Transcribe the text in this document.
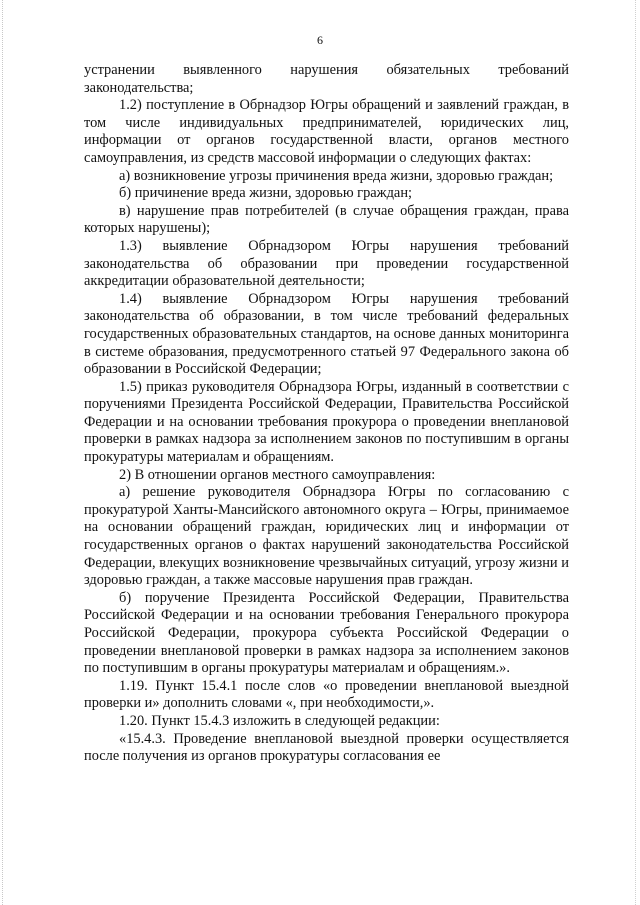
6

устранении выявленного нарушения обязательных требований законодательства;

1.2) поступление в Обрнадзор Югры обращений и заявлений граждан, в том числе индивидуальных предпринимателей, юридических лиц, информации от органов государственной власти, органов местного самоуправления, из средств массовой информации о следующих фактах:

а) возникновение угрозы причинения вреда жизни, здоровью граждан;

б) причинение вреда жизни, здоровью граждан;

в) нарушение прав потребителей (в случае обращения граждан, права которых нарушены);

1.3) выявление Обрнадзором Югры нарушения требований законодательства об образовании при проведении государственной аккредитации образовательной деятельности;

1.4) выявление Обрнадзором Югры нарушения требований законодательства об образовании, в том числе требований федеральных государственных образовательных стандартов, на основе данных мониторинга в системе образования, предусмотренного статьей 97 Федерального закона об образовании в Российской Федерации;

1.5) приказ руководителя Обрнадзора Югры, изданный в соответствии с поручениями Президента Российской Федерации, Правительства Российской Федерации и на основании требования прокурора о проведении внеплановой проверки в рамках надзора за исполнением законов по поступившим в органы прокуратуры материалам и обращениям.

2) В отношении органов местного самоуправления:

а) решение руководителя Обрнадзора Югры по согласованию с прокуратурой Ханты-Мансийского автономного округа – Югры, принимаемое на основании обращений граждан, юридических лиц и информации от государственных органов о фактах нарушений законодательства Российской Федерации, влекущих возникновение чрезвычайных ситуаций, угрозу жизни и здоровью граждан, а также массовые нарушения прав граждан.

б) поручение Президента Российской Федерации, Правительства Российской Федерации и на основании требования Генерального прокурора Российской Федерации, прокурора субъекта Российской Федерации о проведении внеплановой проверки в рамках надзора за исполнением законов по поступившим в органы прокуратуры материалам и обращениям.».

1.19. Пункт 15.4.1 после слов «о проведении внеплановой выездной проверки и» дополнить словами «, при необходимости,».

1.20. Пункт 15.4.3 изложить в следующей редакции:

«15.4.3. Проведение внеплановой выездной проверки осуществляется после получения из органов прокуратуры согласования ее
